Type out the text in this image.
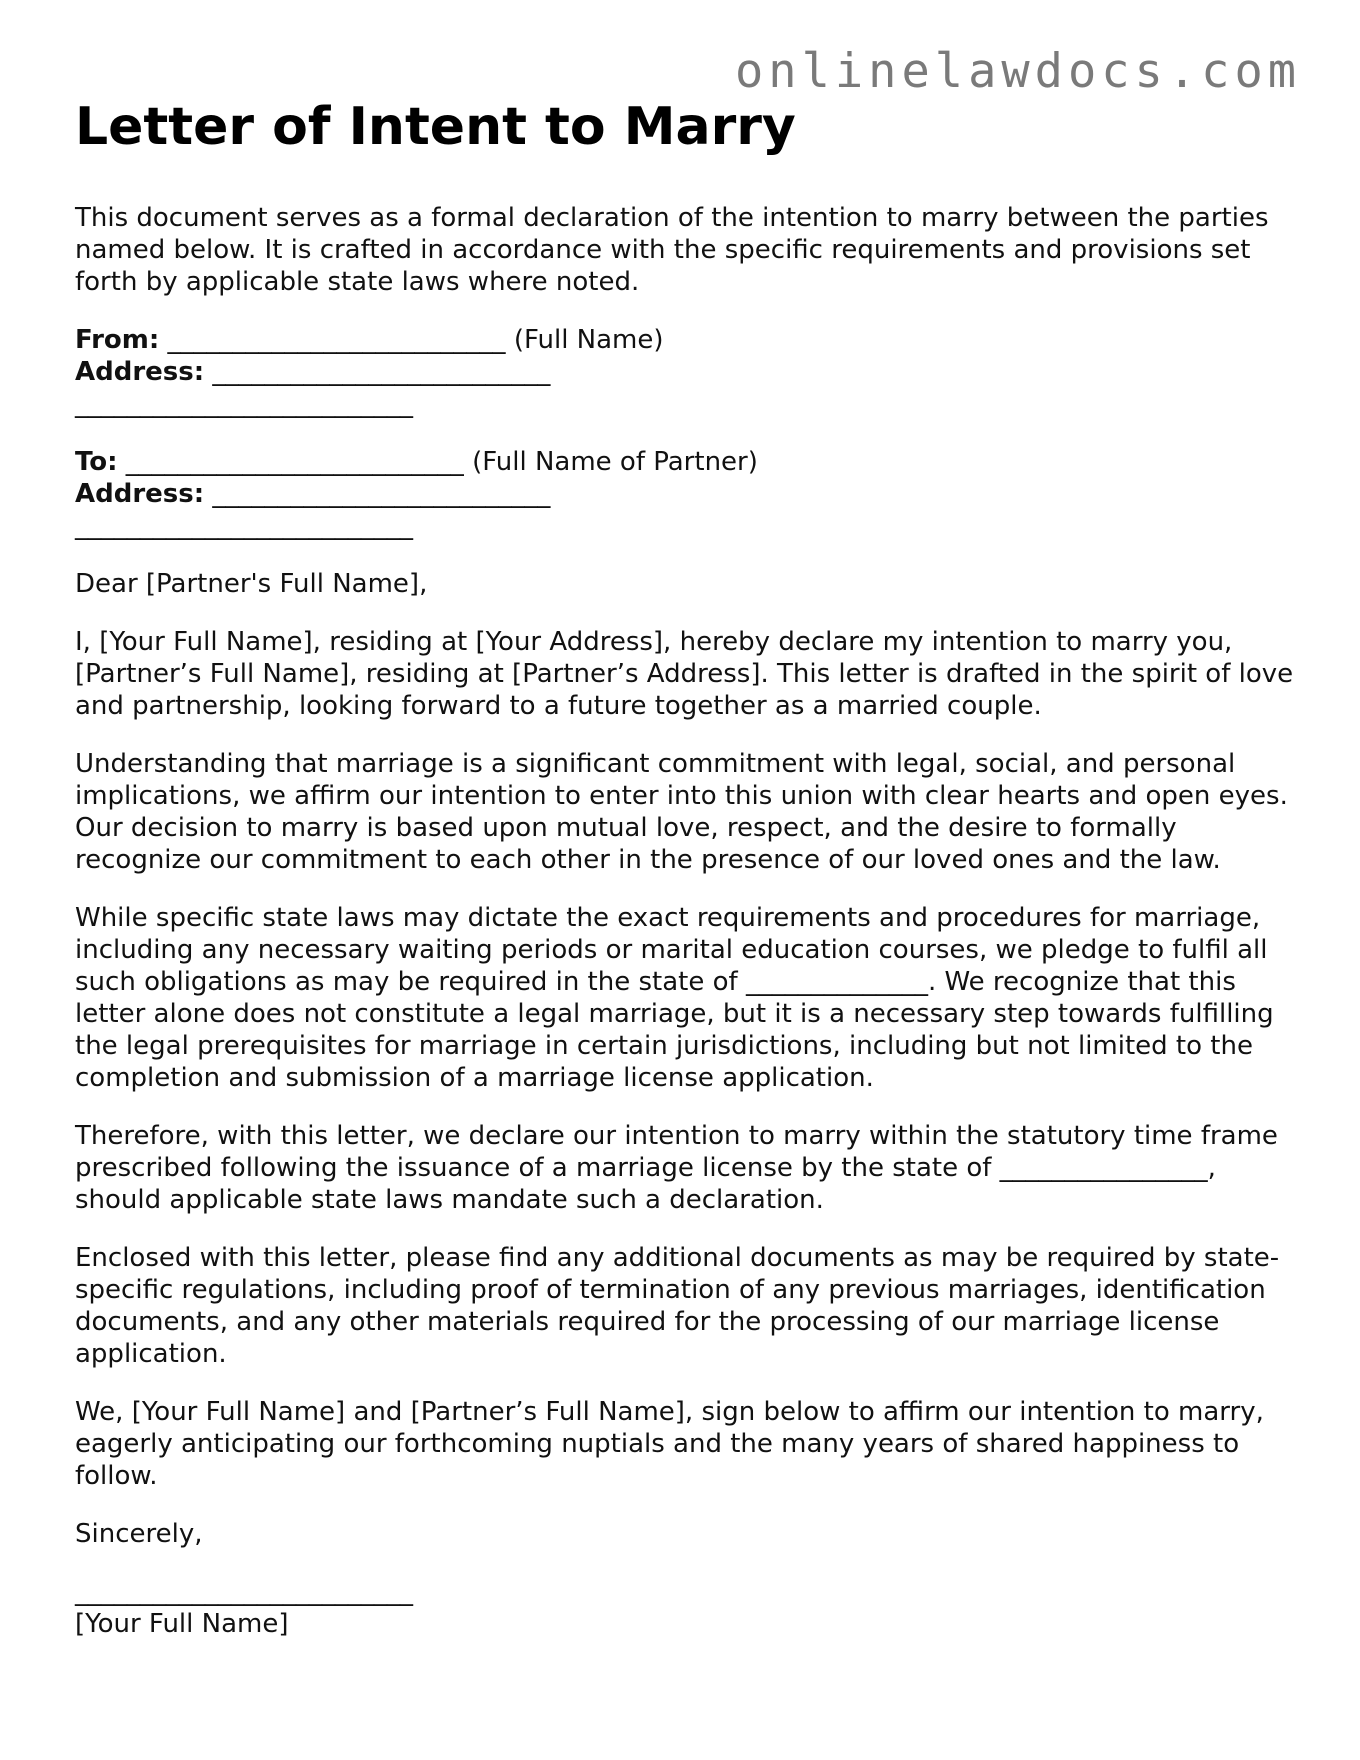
onlinelawdocs.com
Letter of Intent to Marry

This document serves as a formal declaration of the intention to marry between the parties named below. It is crafted in accordance with the specific requirements and provisions set forth by applicable state laws where noted.

From: __________________________ (Full Name)
Address: __________________________
__________________________
To: __________________________ (Full Name of Partner)
Address: __________________________
__________________________

Dear [Partner's Full Name],

I, [Your Full Name], residing at [Your Address], hereby declare my intention to marry you, [Partner’s Full Name], residing at [Partner’s Address]. This letter is drafted in the spirit of love and partnership, looking forward to a future together as a married couple.

Understanding that marriage is a significant commitment with legal, social, and personal implications, we affirm our intention to enter into this union with clear hearts and open eyes. Our decision to marry is based upon mutual love, respect, and the desire to formally recognize our commitment to each other in the presence of our loved ones and the law.

While specific state laws may dictate the exact requirements and procedures for marriage, including any necessary waiting periods or marital education courses, we pledge to fulfil all such obligations as may be required in the state of ______________. We recognize that this letter alone does not constitute a legal marriage, but it is a necessary step towards fulfilling the legal prerequisites for marriage in certain jurisdictions, including but not limited to the completion and submission of a marriage license application.

Therefore, with this letter, we declare our intention to marry within the statutory time frame prescribed following the issuance of a marriage license by the state of ________________, should applicable state laws mandate such a declaration.

Enclosed with this letter, please find any additional documents as may be required by state-specific regulations, including proof of termination of any previous marriages, identification documents, and any other materials required for the processing of our marriage license application.

We, [Your Full Name] and [Partner’s Full Name], sign below to affirm our intention to marry, eagerly anticipating our forthcoming nuptials and the many years of shared happiness to follow.

Sincerely,

__________________________
[Your Full Name]
